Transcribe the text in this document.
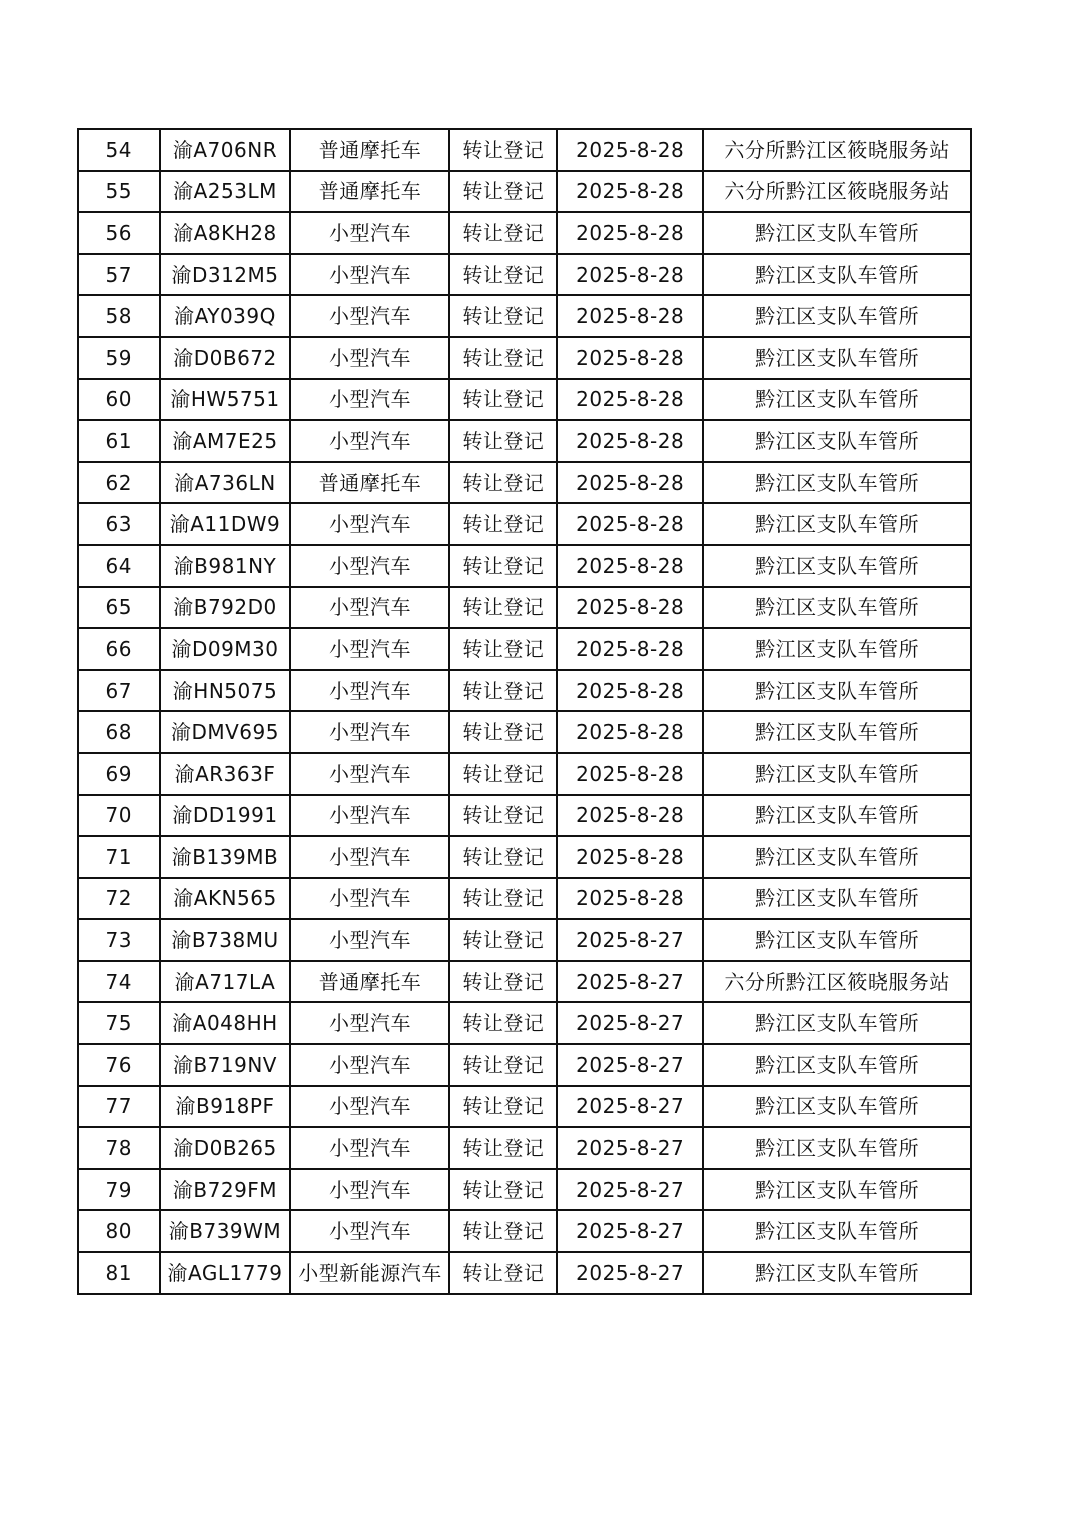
54	渝A706NR	普通摩托车	转让登记	2025-8-28	六分所黔江区筱晓服务站
55	渝A253LM	普通摩托车	转让登记	2025-8-28	六分所黔江区筱晓服务站
56	渝A8KH28	小型汽车	转让登记	2025-8-28	黔江区支队车管所
57	渝D312M5	小型汽车	转让登记	2025-8-28	黔江区支队车管所
58	渝AY039Q	小型汽车	转让登记	2025-8-28	黔江区支队车管所
59	渝D0B672	小型汽车	转让登记	2025-8-28	黔江区支队车管所
60	渝HW5751	小型汽车	转让登记	2025-8-28	黔江区支队车管所
61	渝AM7E25	小型汽车	转让登记	2025-8-28	黔江区支队车管所
62	渝A736LN	普通摩托车	转让登记	2025-8-28	黔江区支队车管所
63	渝A11DW9	小型汽车	转让登记	2025-8-28	黔江区支队车管所
64	渝B981NY	小型汽车	转让登记	2025-8-28	黔江区支队车管所
65	渝B792D0	小型汽车	转让登记	2025-8-28	黔江区支队车管所
66	渝D09M30	小型汽车	转让登记	2025-8-28	黔江区支队车管所
67	渝HN5075	小型汽车	转让登记	2025-8-28	黔江区支队车管所
68	渝DMV695	小型汽车	转让登记	2025-8-28	黔江区支队车管所
69	渝AR363F	小型汽车	转让登记	2025-8-28	黔江区支队车管所
70	渝DD1991	小型汽车	转让登记	2025-8-28	黔江区支队车管所
71	渝B139MB	小型汽车	转让登记	2025-8-28	黔江区支队车管所
72	渝AKN565	小型汽车	转让登记	2025-8-28	黔江区支队车管所
73	渝B738MU	小型汽车	转让登记	2025-8-27	黔江区支队车管所
74	渝A717LA	普通摩托车	转让登记	2025-8-27	六分所黔江区筱晓服务站
75	渝A048HH	小型汽车	转让登记	2025-8-27	黔江区支队车管所
76	渝B719NV	小型汽车	转让登记	2025-8-27	黔江区支队车管所
77	渝B918PF	小型汽车	转让登记	2025-8-27	黔江区支队车管所
78	渝D0B265	小型汽车	转让登记	2025-8-27	黔江区支队车管所
79	渝B729FM	小型汽车	转让登记	2025-8-27	黔江区支队车管所
80	渝B739WM	小型汽车	转让登记	2025-8-27	黔江区支队车管所
81	渝AGL1779	小型新能源汽车	转让登记	2025-8-27	黔江区支队车管所
